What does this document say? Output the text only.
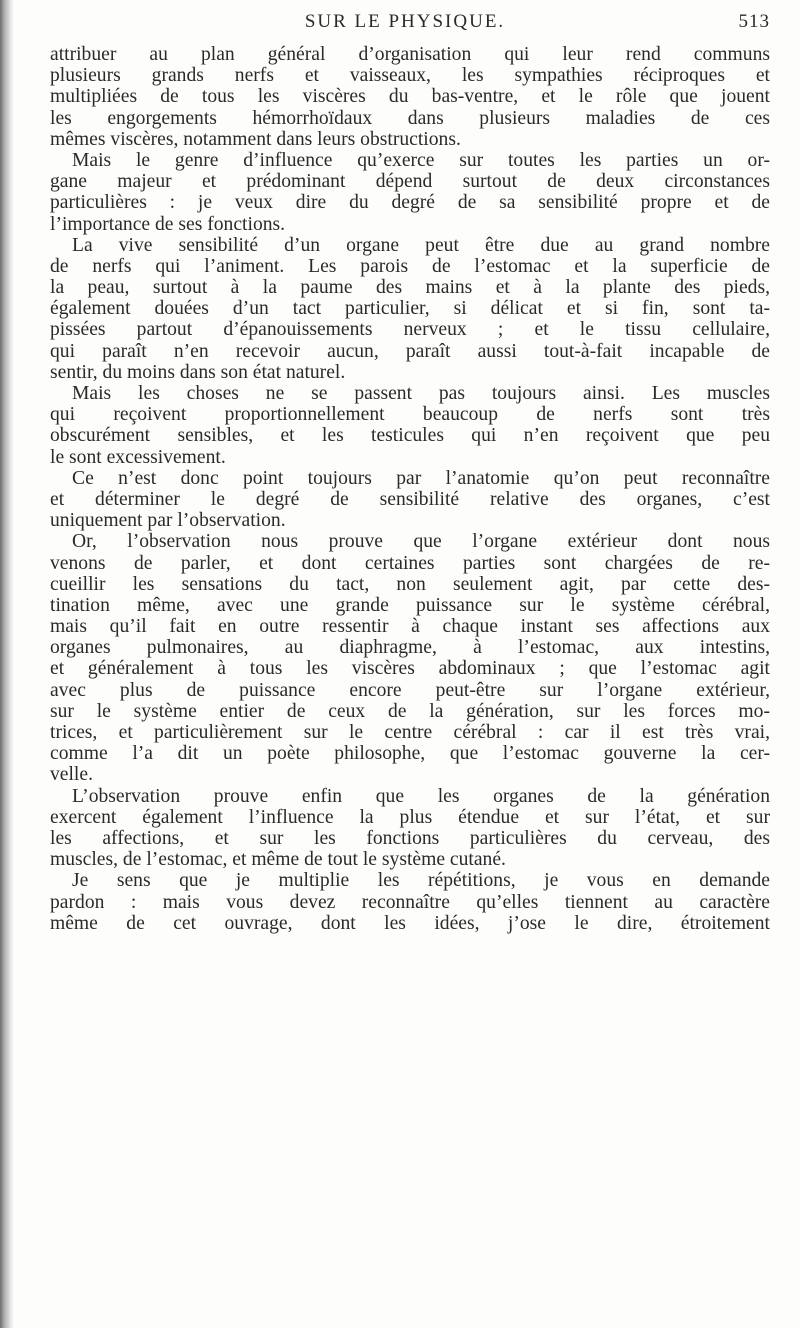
SUR LE PHYSIQUE.	513
attribuer au plan général d’organisation qui leur rend communs
plusieurs grands nerfs et vaisseaux, les sympathies réciproques et
multipliées de tous les viscères du bas-ventre, et le rôle que jouent
les engorgements hémorrhoïdaux dans plusieurs maladies de ces
mêmes viscères, notamment dans leurs obstructions.
Mais le genre d’influence qu’exerce sur toutes les parties un or-
gane majeur et prédominant dépend surtout de deux circonstances
particulières : je veux dire du degré de sa sensibilité propre et de
l’importance de ses fonctions.
La vive sensibilité d’un organe peut être due au grand nombre
de nerfs qui l’animent. Les parois de l’estomac et la superficie de
la peau, surtout à la paume des mains et à la plante des pieds,
également douées d’un tact particulier, si délicat et si fin, sont ta-
pissées partout d’épanouissements nerveux ; et le tissu cellulaire,
qui paraît n’en recevoir aucun, paraît aussi tout-à-fait incapable de
sentir, du moins dans son état naturel.
Mais les choses ne se passent pas toujours ainsi. Les muscles
qui reçoivent proportionnellement beaucoup de nerfs sont très
obscurément sensibles, et les testicules qui n’en reçoivent que peu
le sont excessivement.
Ce n’est donc point toujours par l’anatomie qu’on peut reconnaître
et déterminer le degré de sensibilité relative des organes, c’est
uniquement par l’observation.
Or, l’observation nous prouve que l’organe extérieur dont nous
venons de parler, et dont certaines parties sont chargées de re-
cueillir les sensations du tact, non seulement agit, par cette des-
tination même, avec une grande puissance sur le système cérébral,
mais qu’il fait en outre ressentir à chaque instant ses affections aux
organes pulmonaires, au diaphragme, à l’estomac, aux intestins,
et généralement à tous les viscères abdominaux ; que l’estomac agit
avec plus de puissance encore peut-être sur l’organe extérieur,
sur le système entier de ceux de la génération, sur les forces mo-
trices, et particulièrement sur le centre cérébral : car il est très vrai,
comme l’a dit un poète philosophe, que l’estomac gouverne la cer-
velle.
L’observation prouve enfin que les organes de la génération
exercent également l’influence la plus étendue et sur l’état, et sur
les affections, et sur les fonctions particulières du cerveau, des
muscles, de l’estomac, et même de tout le système cutané.
Je sens que je multiplie les répétitions, je vous en demande
pardon : mais vous devez reconnaître qu’elles tiennent au caractère
même de cet ouvrage, dont les idées, j’ose le dire, étroitement
